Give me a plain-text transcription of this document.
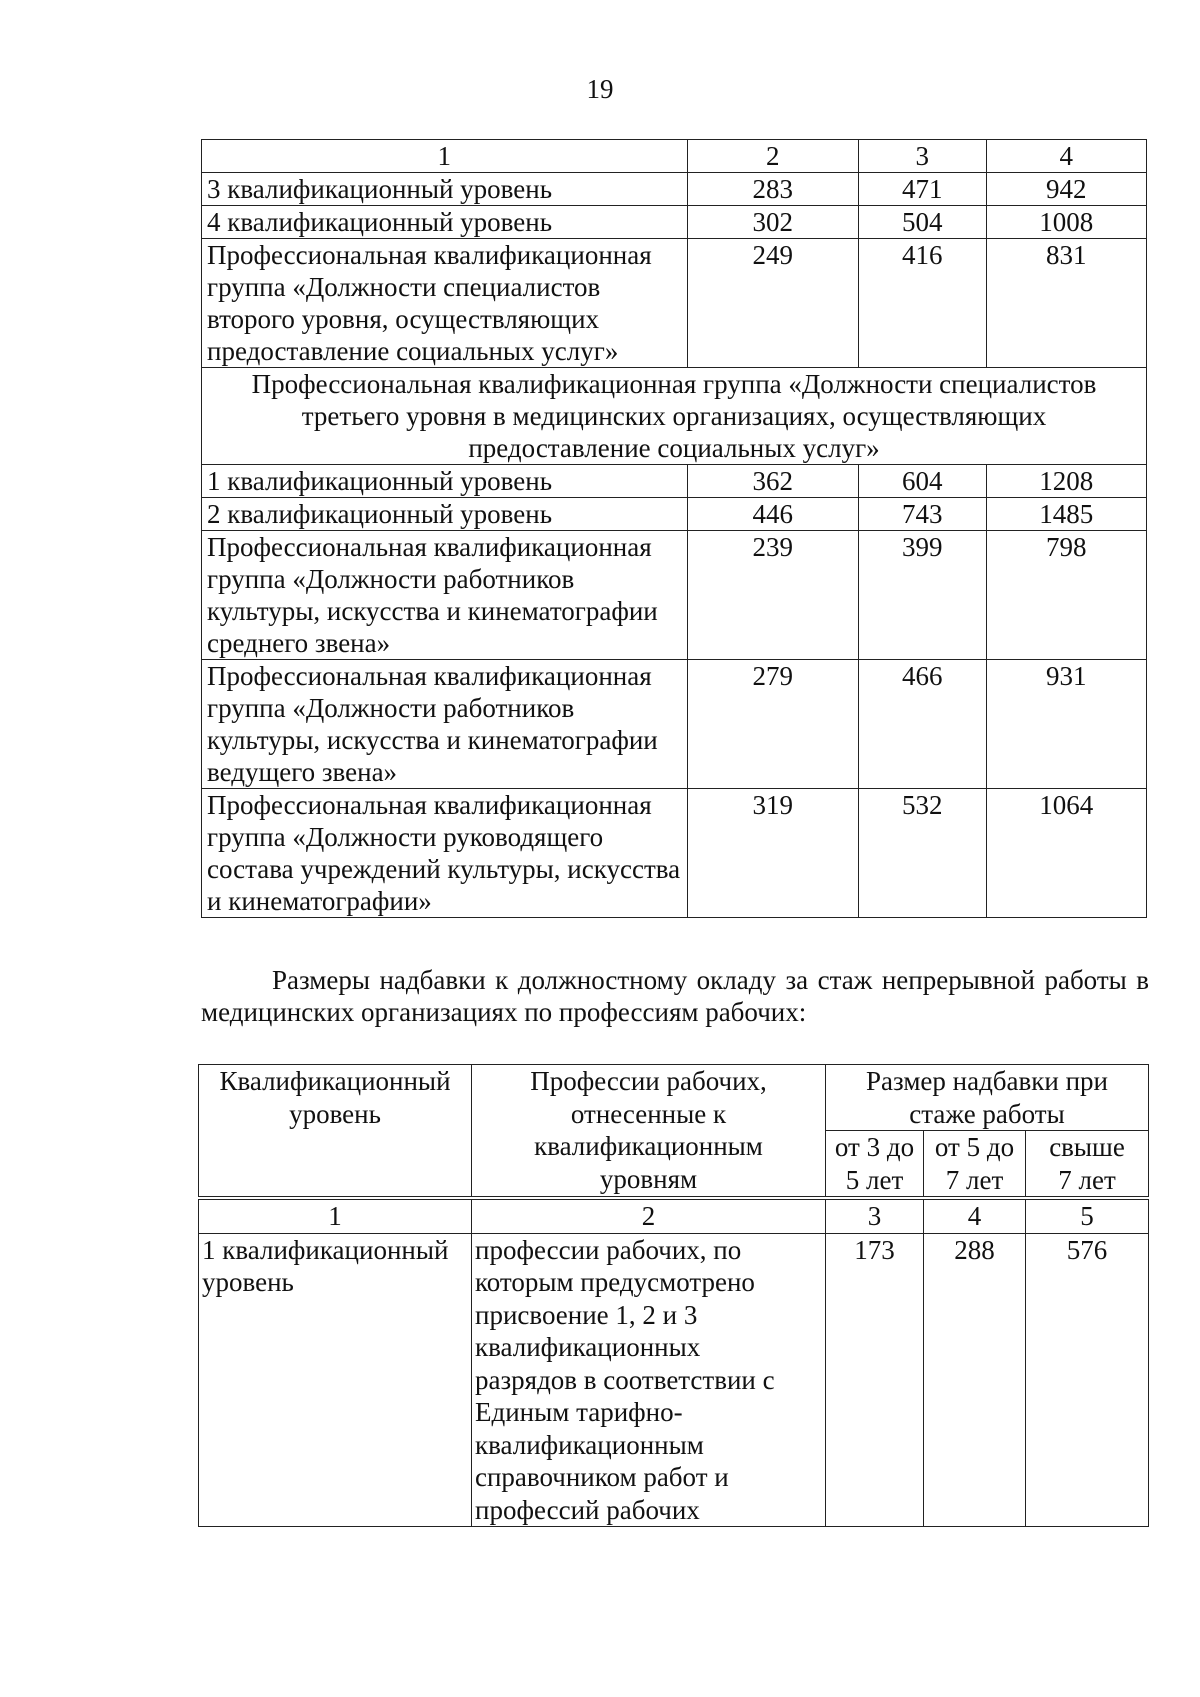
19
1	2	3	4
3 квалификационный уровень	283	471	942
4 квалификационный уровень	302	504	1008
Профессиональная квалификационная группа «Должности специалистов второго уровня, осуществляющих предоставление социальных услуг»	249	416	831
Профессиональная квалификационная группа «Должности специалистов третьего уровня в медицинских организациях, осуществляющих предоставление социальных услуг»			
1 квалификационный уровень	362	604	1208
2 квалификационный уровень	446	743	1485
Профессиональная квалификационная группа «Должности работников культуры, искусства и кинематографии среднего звена»	239	399	798
Профессиональная квалификационная группа «Должности работников культуры, искусства и кинематографии ведущего звена»	279	466	931
Профессиональная квалификационная группа «Должности руководящего состава учреждений культуры, искусства и кинематографии»	319	532	1064
Размеры надбавки к должностному окладу за стаж непрерывной работы в медицинских организациях по профессиям рабочих:
Квалификационный уровень	Профессии рабочих, отнесенные к квалификационным уровням	Размер надбавки при стаже работы		
		от 3 до 5 лет	от 5 до 7 лет	свыше 7 лет
1	2	3	4	5
1 квалификационный уровень	профессии рабочих, по которым предусмотрено присвоение 1, 2 и 3 квалификационных разрядов в соответствии с Единым тарифно-квалификационным справочником работ и профессий рабочих	173	288	576
